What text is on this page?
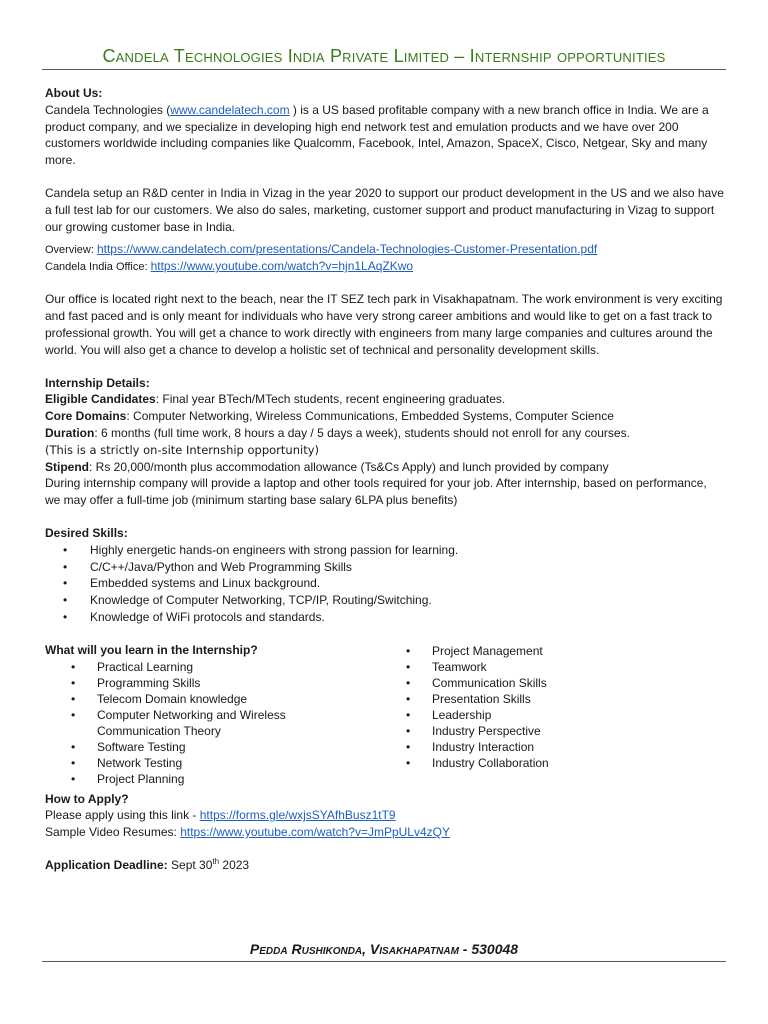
Candela Technologies India Private Limited – Internship opportunities

About Us:

Candela Technologies (www.candelatech.com ) is a US based profitable company with a new branch office in India. We are a product company, and we specialize in developing high end network test and emulation products and we have over 200 customers worldwide including companies like Qualcomm, Facebook, Intel, Amazon, SpaceX, Cisco, Netgear, Sky and many more.

Candela setup an R&D center in India in Vizag in the year 2020 to support our product development in the US and we also have a full test lab for our customers. We also do sales, marketing, customer support and product manufacturing in Vizag to support our growing customer base in India.

Overview: https://www.candelatech.com/presentations/Candela-Technologies-Customer-Presentation.pdf

Candela India Office: https://www.youtube.com/watch?v=hjn1LAqZKwo

Our office is located right next to the beach, near the IT SEZ tech park in Visakhapatnam. The work environment is very exciting and fast paced and is only meant for individuals who have very strong career ambitions and would like to get on a fast track to professional growth. You will get a chance to work directly with engineers from many large companies and cultures around the world. You will also get a chance to develop a holistic set of technical and personality development skills.

Internship Details:

Eligible Candidates: Final year BTech/MTech students, recent engineering graduates.

Core Domains: Computer Networking, Wireless Communications, Embedded Systems, Computer Science

Duration: 6 months (full time work, 8 hours a day / 5 days a week), students should not enroll for any courses.

(This is a strictly on-site Internship opportunity)

Stipend: Rs 20,000/month plus accommodation allowance (Ts&Cs Apply) and lunch provided by company

During internship company will provide a laptop and other tools required for your job. After internship, based on performance, we may offer a full-time job (minimum starting base salary 6LPA plus benefits)

Desired Skills:

• Highly energetic hands-on engineers with strong passion for learning.
• C/C++/Java/Python and Web Programming Skills
• Embedded systems and Linux background.
• Knowledge of Computer Networking, TCP/IP, Routing/Switching.
• Knowledge of WiFi protocols and standards.

What will you learn in the Internship?

• Practical Learning
• Programming Skills
• Telecom Domain knowledge
• Computer Networking and Wireless Communication Theory
• Software Testing
• Network Testing
• Project Planning
• Project Management
• Teamwork
• Communication Skills
• Presentation Skills
• Leadership
• Industry Perspective
• Industry Interaction
• Industry Collaboration

How to Apply?

Please apply using this link - https://forms.gle/wxjsSYAfhBusz1tT9

Sample Video Resumes: https://www.youtube.com/watch?v=JmPpULv4zQY

Application Deadline: Sept 30th 2023

Pedda Rushikonda, Visakhapatnam - 530048
